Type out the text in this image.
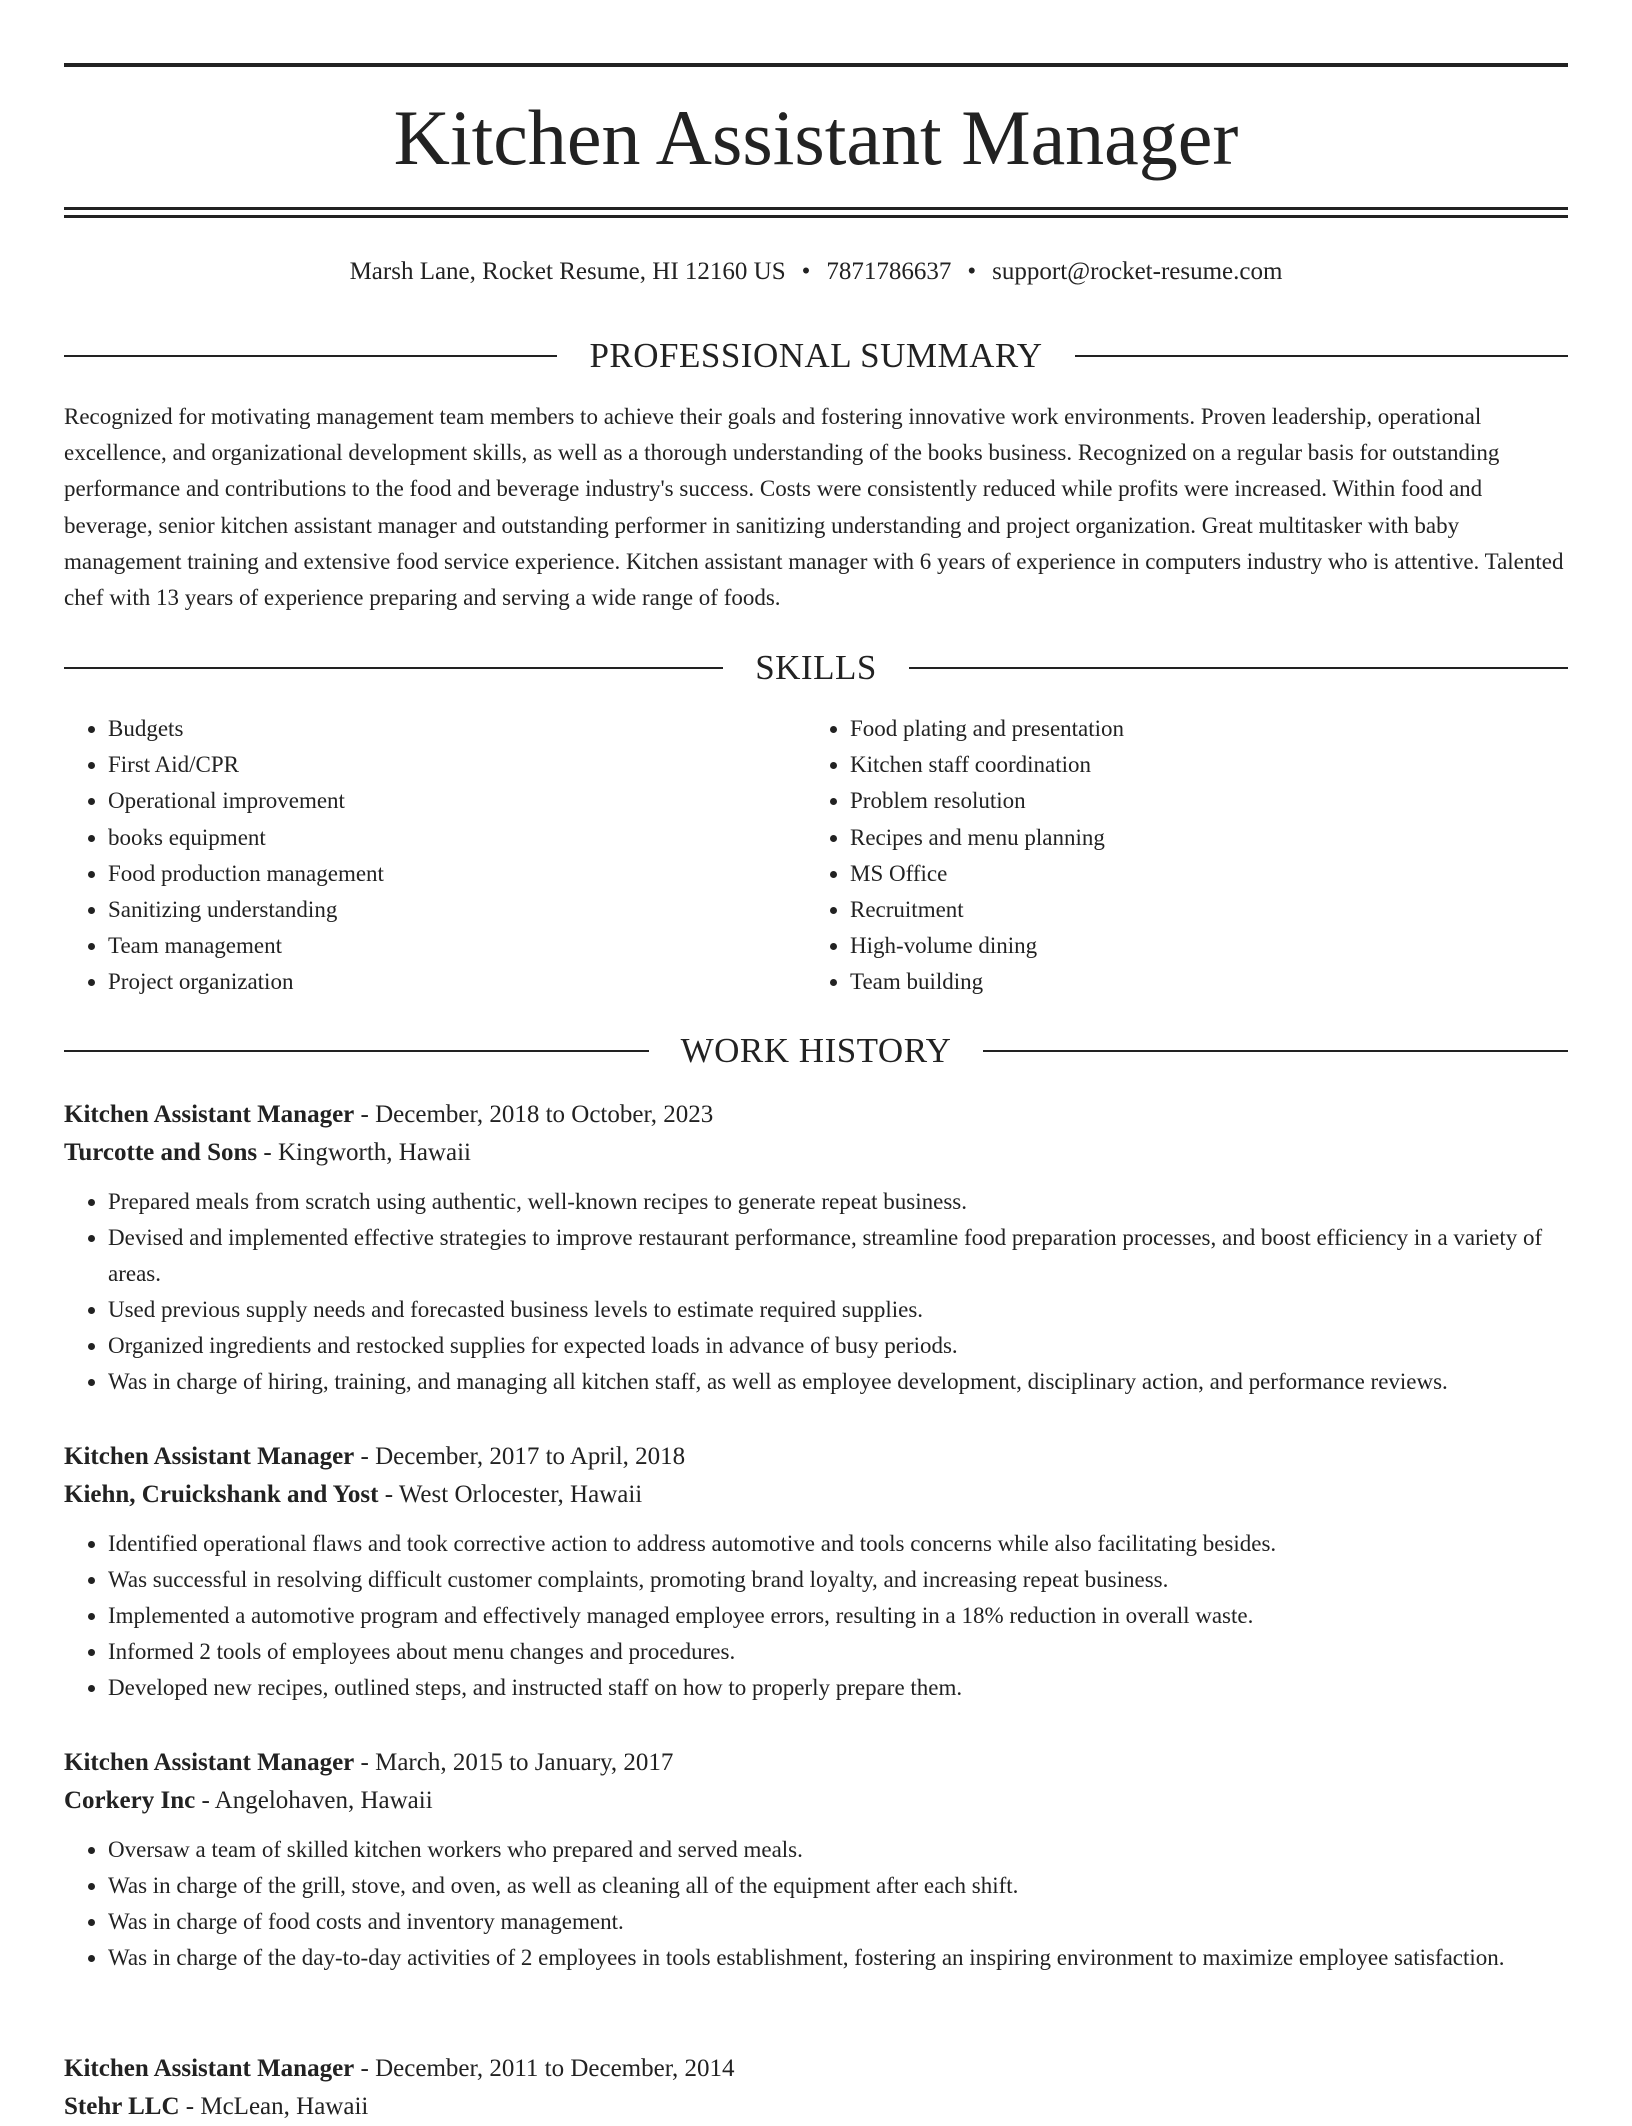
Kitchen Assistant Manager
Marsh Lane, Rocket Resume, HI 12160 US • 7871786637 • support@rocket-resume.com
PROFESSIONAL SUMMARY

Recognized for motivating management team members to achieve their goals and fostering innovative work environments. Proven leadership, operational excellence, and organizational development skills, as well as a thorough understanding of the books business. Recognized on a regular basis for outstanding performance and contributions to the food and beverage industry's success. Costs were consistently reduced while profits were increased. Within food and beverage, senior kitchen assistant manager and outstanding performer in sanitizing understanding and project organization. Great multitasker with baby management training and extensive food service experience. Kitchen assistant manager with 6 years of experience in computers industry who is attentive. Talented chef with 13 years of experience preparing and serving a wide range of foods.

SKILLS
• Budgets
• First Aid/CPR
• Operational improvement
• books equipment
• Food production management
• Sanitizing understanding
• Team management
• Project organization
• Food plating and presentation
• Kitchen staff coordination
• Problem resolution
• Recipes and menu planning
• MS Office
• Recruitment
• High-volume dining
• Team building
WORK HISTORY
Kitchen Assistant Manager - December, 2018 to October, 2023
Turcotte and Sons - Kingworth, Hawaii
• Prepared meals from scratch using authentic, well-known recipes to generate repeat business.
• Devised and implemented effective strategies to improve restaurant performance, streamline food preparation processes, and boost efficiency in a variety of areas.
• Used previous supply needs and forecasted business levels to estimate required supplies.
• Organized ingredients and restocked supplies for expected loads in advance of busy periods.
• Was in charge of hiring, training, and managing all kitchen staff, as well as employee development, disciplinary action, and performance reviews.
Kitchen Assistant Manager - December, 2017 to April, 2018
Kiehn, Cruickshank and Yost - West Orlocester, Hawaii
• Identified operational flaws and took corrective action to address automotive and tools concerns while also facilitating besides.
• Was successful in resolving difficult customer complaints, promoting brand loyalty, and increasing repeat business.
• Implemented a automotive program and effectively managed employee errors, resulting in a 18% reduction in overall waste.
• Informed 2 tools of employees about menu changes and procedures.
• Developed new recipes, outlined steps, and instructed staff on how to properly prepare them.
Kitchen Assistant Manager - March, 2015 to January, 2017
Corkery Inc - Angelohaven, Hawaii
• Oversaw a team of skilled kitchen workers who prepared and served meals.
• Was in charge of the grill, stove, and oven, as well as cleaning all of the equipment after each shift.
• Was in charge of food costs and inventory management.
• Was in charge of the day-to-day activities of 2 employees in tools establishment, fostering an inspiring environment to maximize employee satisfaction.
Kitchen Assistant Manager - December, 2011 to December, 2014
Stehr LLC - McLean, Hawaii
